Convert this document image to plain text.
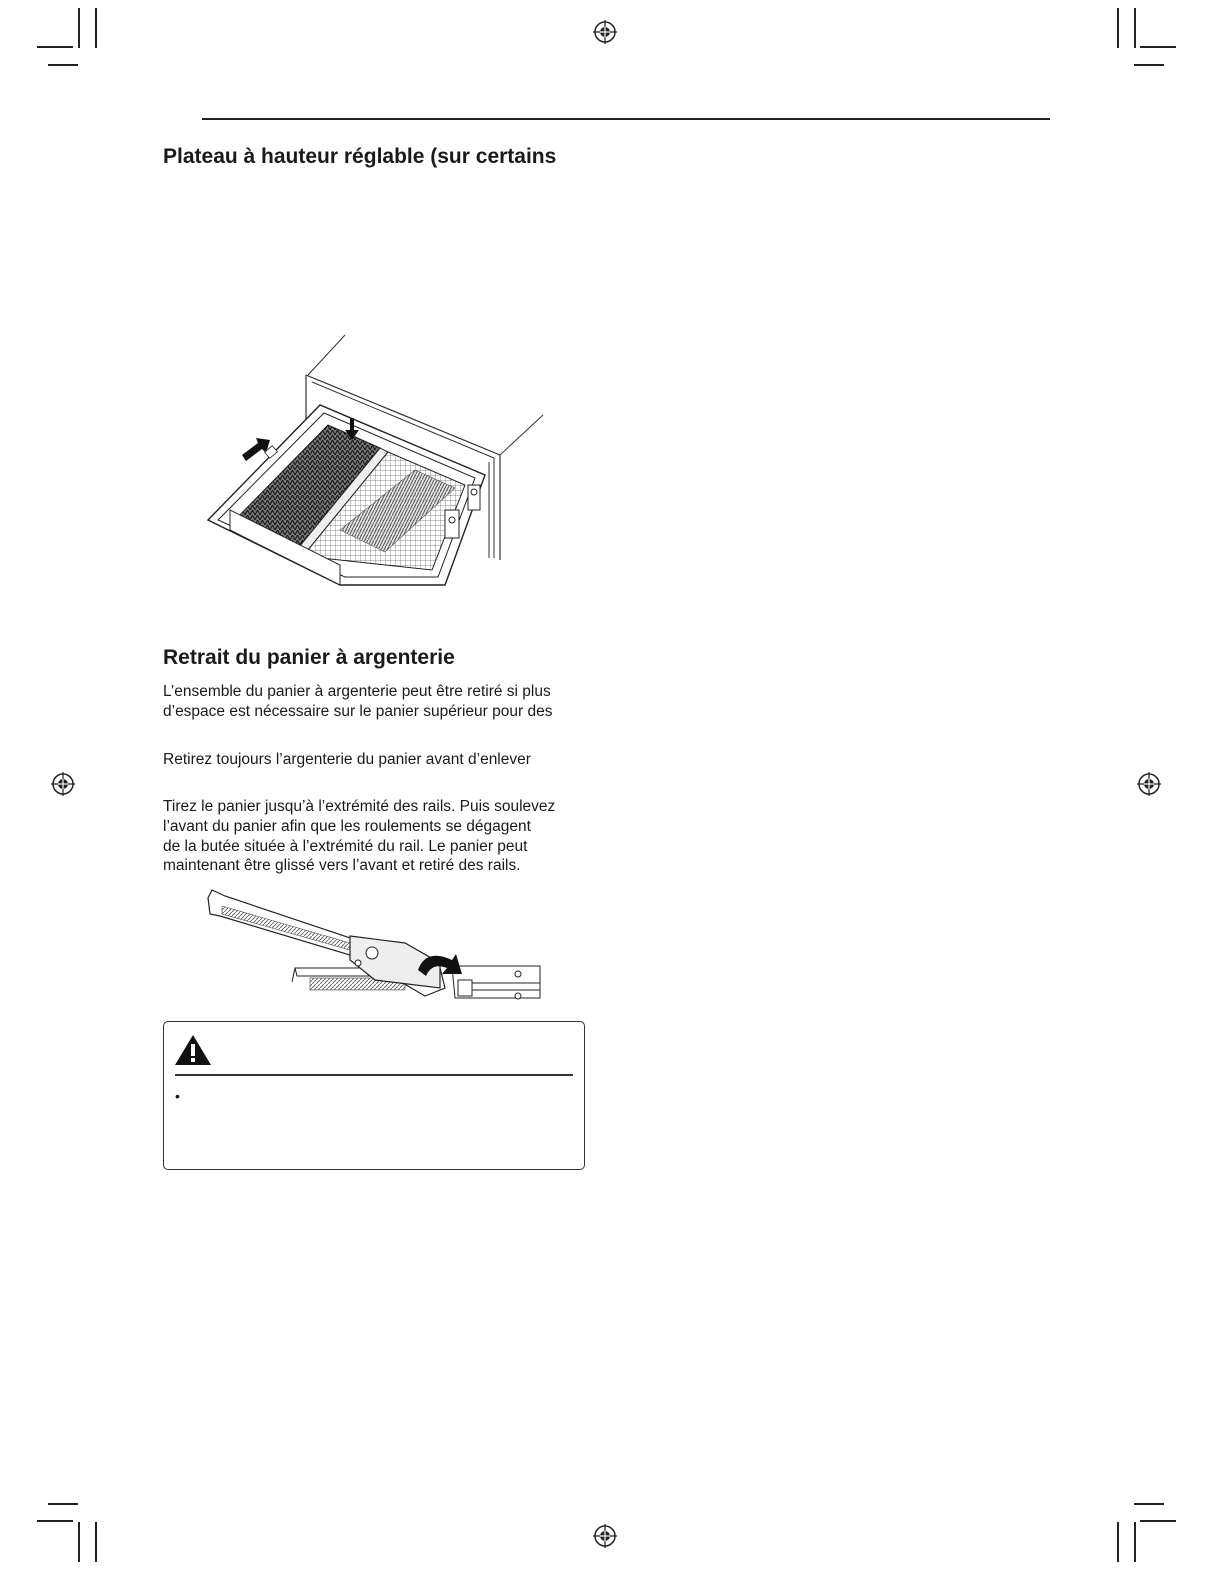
Plateau à hauteur réglable (sur certains
Retrait du panier à argenterie

L’ensemble du panier à argenterie peut être retiré si plus
d’espace est nécessaire sur le panier supérieur pour des

Retirez toujours l’argenterie du panier avant d’enlever

Tirez le panier jusqu’à l’extrémité des rails. Puis soulevez
l’avant du panier afin que les roulements se dégagent
de la butée située à l’extrémité du rail. Le panier peut
maintenant être glissé vers l’avant et retiré des rails.

•
